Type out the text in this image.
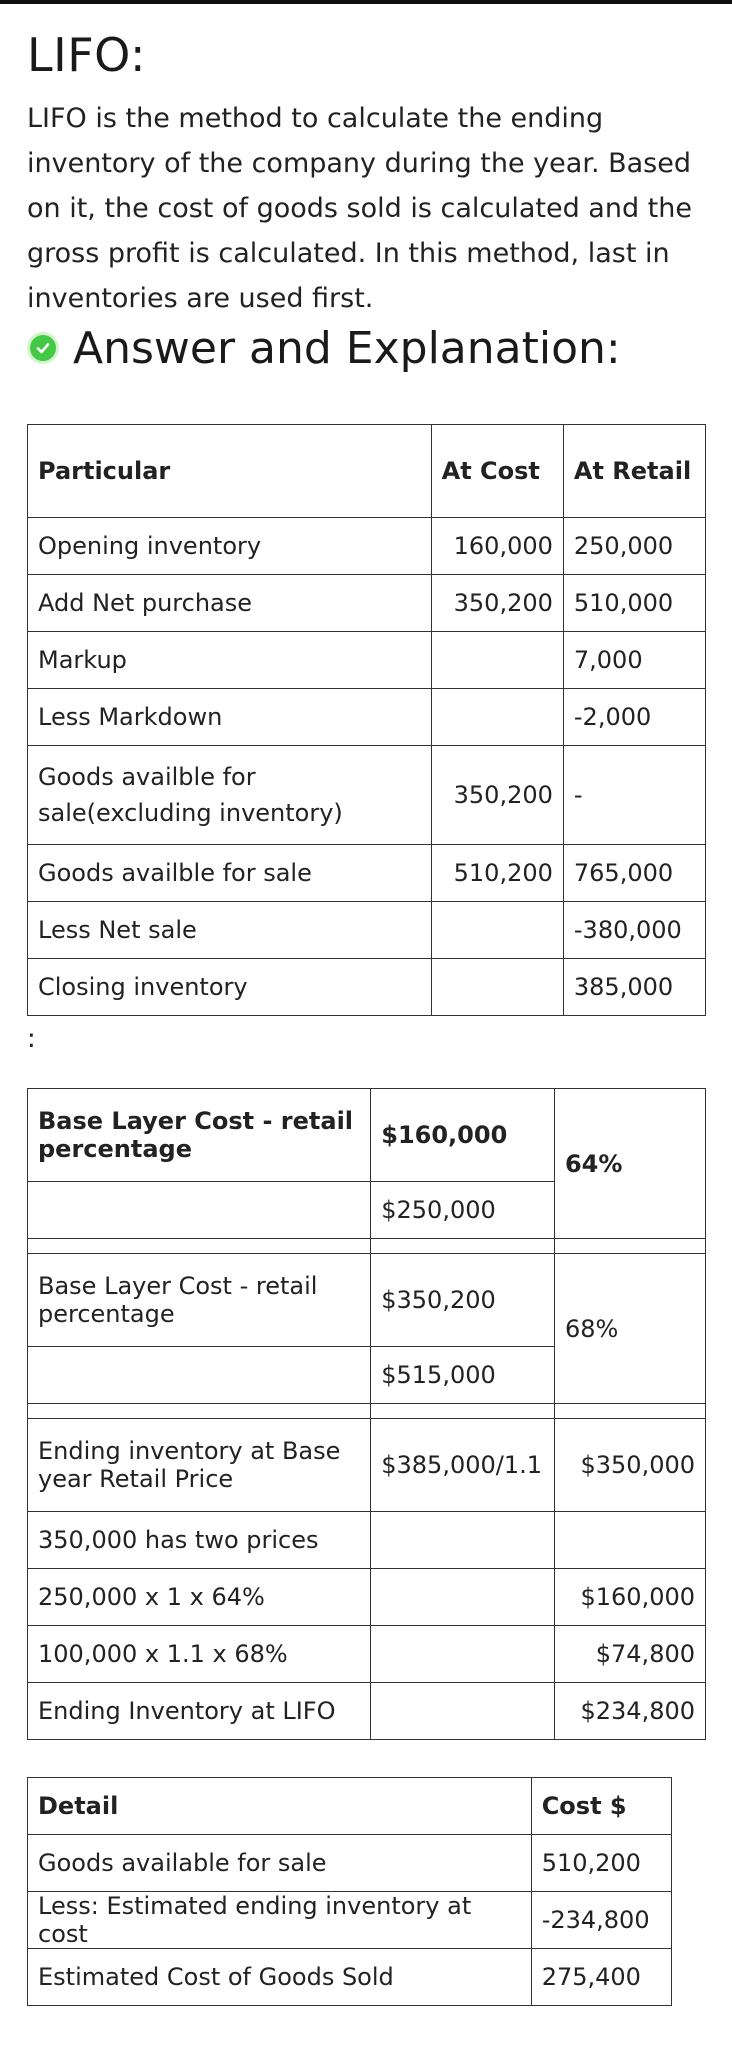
LIFO:

LIFO is the method to calculate the ending inventory of the company during the year. Based on it, the cost of goods sold is calculated and the gross profit is calculated. In this method, last in inventories are used first.

Answer and Explanation:
Particular	At Cost	At Retail
Opening inventory	160,000	250,000
Add Net purchase	350,200	510,000
Markup		7,000
Less Markdown		-2,000
Goods availble for sale(excluding inventory)	350,200	-
Goods availble for sale	510,200	765,000
Less Net sale		-380,000
Closing inventory		385,000
:
Base Layer Cost - retail percentage	$160,000	64%
	$250,000	

Base Layer Cost - retail percentage	$350,200	68%
	$515,000	

Ending inventory at Base year Retail Price	$385,000/1.1	$350,000
350,000 has two prices		
250,000 x 1 x 64%		$160,000
100,000 x 1.1 x 68%		$74,800
Ending Inventory at LIFO		$234,800
Detail	Cost $
Goods available for sale	510,200
Less: Estimated ending inventory at cost	-234,800
Estimated Cost of Goods Sold	275,400
